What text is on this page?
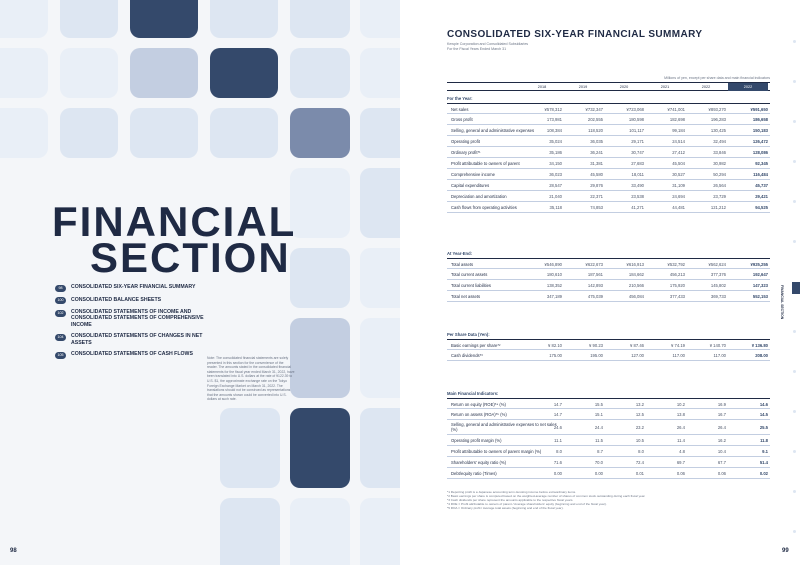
FINANCIAL
SECTION
98	CONSOLIDATED SIX-YEAR FINANCIAL SUMMARY
100	CONSOLIDATED BALANCE SHEETS
102	CONSOLIDATED STATEMENTS OF INCOME AND CONSOLIDATED STATEMENTS OF COMPREHENSIVE INCOME
104	CONSOLIDATED STATEMENTS OF CHANGES IN NET ASSETS
105	CONSOLIDATED STATEMENTS OF CASH FLOWS
Note: The consolidated financial statements are solely presented in this section for the convenience of the reader. The amounts stated in the consolidated financial statements for the fiscal year ended March 31, 2022, have been translated into U.S. dollars at the rate of ¥122.39 to U.S. $1, the approximate exchange rate on the Tokyo Foreign Exchange Market on March 31, 2022. The translations should not be construed as representations that the amounts shown could be converted into U.S. dollars at such rate.
98
CONSOLIDATED SIX-YEAR FINANCIAL SUMMARY
Kewpie Corporation and Consolidated Subsidiaries
For the Fiscal Years Ended March 31
Millions of yen, except per share data and main financial indicators
2018	2019	2020	2021	2022	2022
For the Year:
Net sales	¥578,312	¥732,347	¥723,068	¥741,001	¥893,270	¥591,650
Gross profit	173,981	202,555	180,598	182,698	196,283	186,658
Selling, general and administrative expenses	108,384	118,520	101,117	99,184	130,425	150,183
Operating profit	35,024	36,035	29,171	24,514	32,494	126,472
Ordinary profit*¹	35,186	36,241	30,747	27,412	33,846	128,086
Profit attributable to owners of parent	34,150	31,381	27,683	45,504	30,982	92,345
Comprehensive income	36,023	45,580	18,011	30,527	50,294	116,484
Capital expenditures	28,547	29,876	33,490	31,109	26,564	45,737
Depreciation and amortization	21,040	22,371	23,538	24,694	23,729	29,421
Cash flows from operating activities	35,118	74,853	41,271	44,481	121,212	94,525
At Year-End:
Total assets	¥546,890	¥622,673	¥616,913	¥532,792	¥562,624	¥925,255
Total current assets	180,610	187,561	184,662	456,213	377,376	192,647
Total current liabilities	138,352	142,893	210,566	175,920	145,802	147,323
Total net assets	347,189	475,039	456,084	377,433	369,733	552,153
Per Share Data (Yen):
Basic earnings per share*²	¥ 82.10	¥ 90.23	¥ 87.46	¥ 74.19	¥ 140.70	¥ 136.80
Cash dividends*³	175.00	195.00	127.00	117.00	117.00	208.00
Main Financial Indicators:
Return on equity (ROE)*⁴ (%)	14.7	15.5	13.2	10.2	16.9	14.6
Return on assets (ROA)*⁵ (%)	14.7	15.1	12.5	13.8	16.7	14.5
Selling, general and administrative expenses to net sales (%)	24.6	24.4	23.2	26.4	26.4	25.5
Operating profit margin (%)	11.1	11.5	10.5	11.4	16.2	11.8
Profit attributable to owners of parent margin (%)	8.0	8.7	8.0	4.8	10.4	9.1
Shareholders' equity ratio (%)	71.6	70.0	72.4	69.7	67.7	51.4
Debt/equity ratio (Times)	0.00	0.00	0.01	0.06	0.06	0.02
*1 Reporting profit is a Japanese accounting term denoting income before extraordinary items.
*2 Basic earnings per share is computed based on the weighted-average number of shares of common stock outstanding during each fiscal year.
*3 Cash dividends per share represent the amounts applicable to the respective fiscal years.
*4 ROE = Profit attributable to owners of parent / Average shareholders' equity (beginning and end of the fiscal year).
*5 ROA = Ordinary profit / Average total assets (beginning and end of the fiscal year).
FINANCIAL SECTION
99
